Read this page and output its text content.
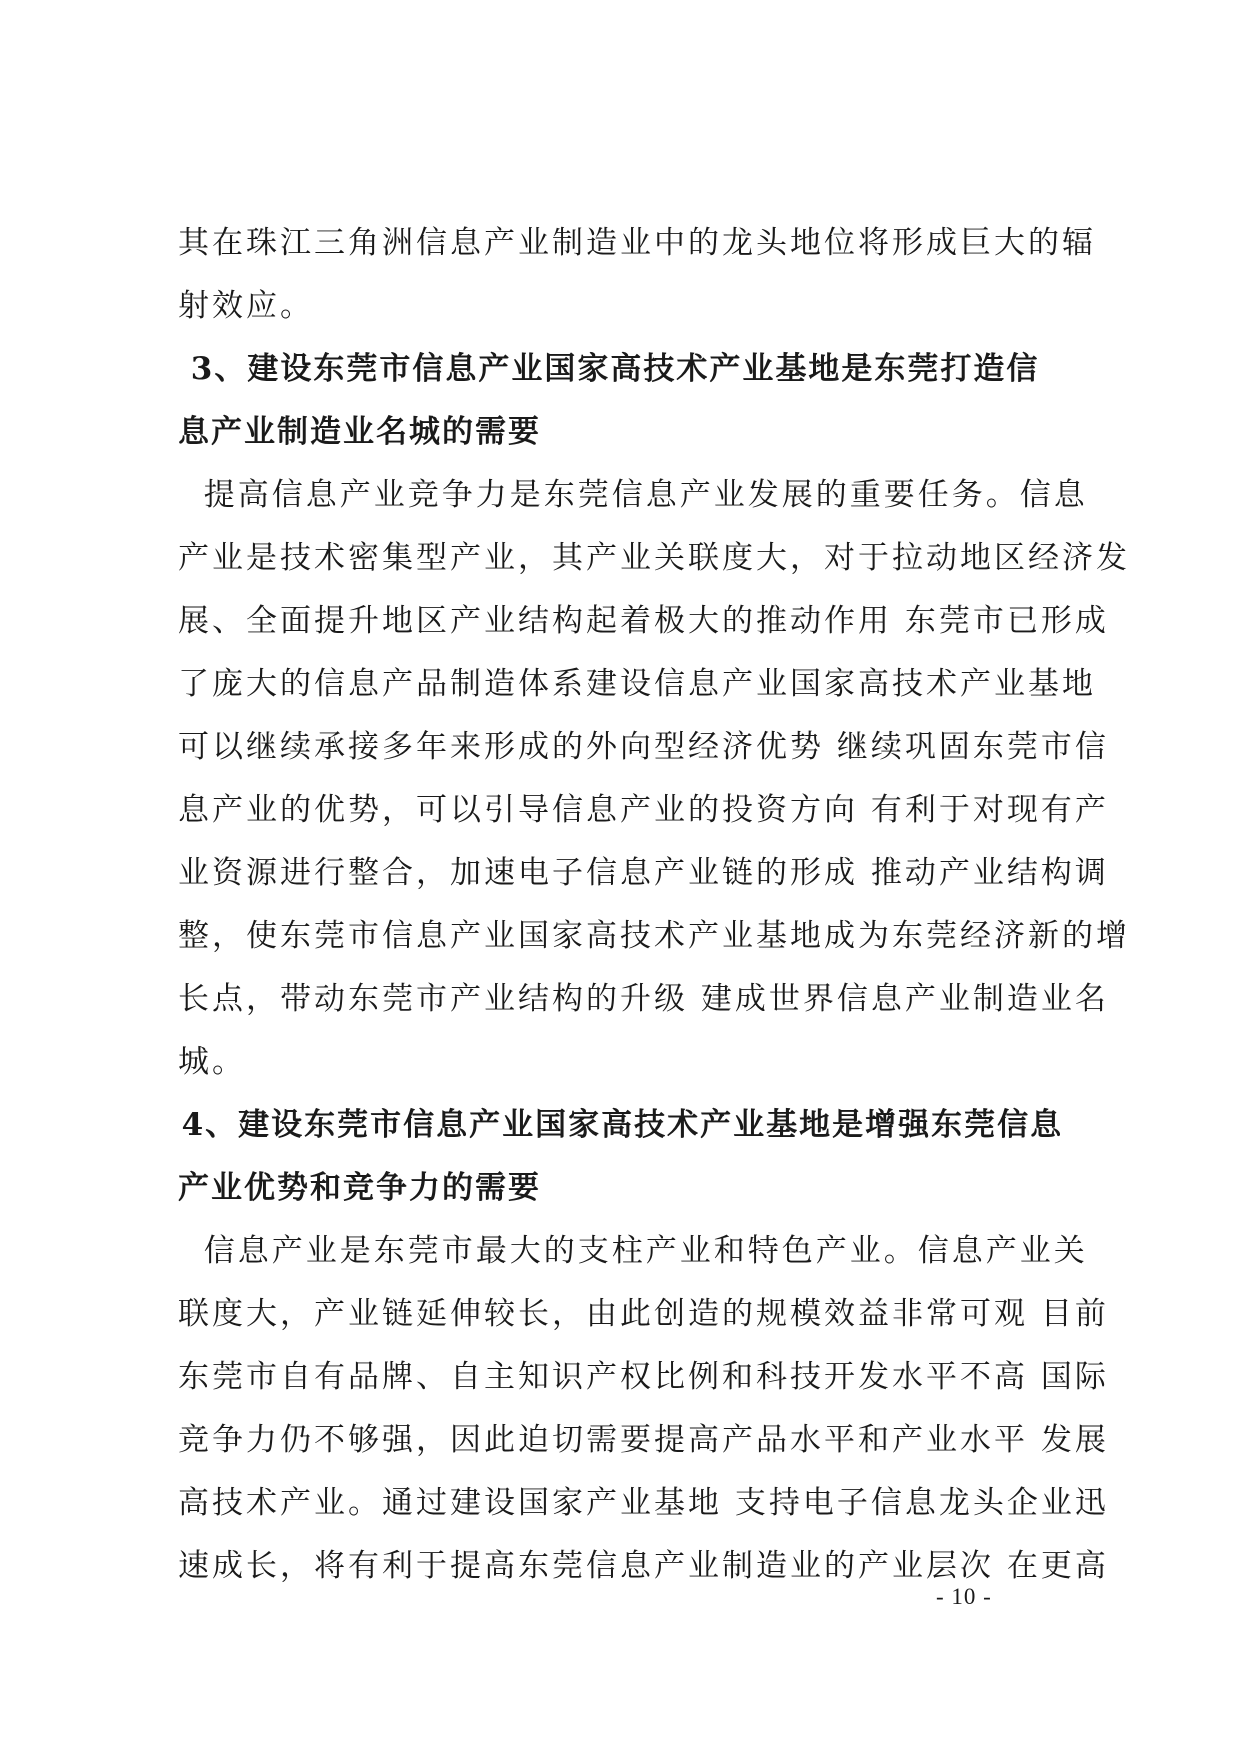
其在珠江三角洲信息产业制造业中的龙头地位将形成巨大的辐
射效应。
3、建设东莞市信息产业国家高技术产业基地是东莞打造信
息产业制造业名城的需要
提高信息产业竞争力是东莞信息产业发展的重要任务。信息
产业是技术密集型产业，其产业关联度大，对于拉动地区经济发
展、全面提升地区产业结构起着极大的推动作用 东莞市已形成
了庞大的信息产品制造体系建设信息产业国家高技术产业基地
可以继续承接多年来形成的外向型经济优势 继续巩固东莞市信
息产业的优势，可以引导信息产业的投资方向 有利于对现有产
业资源进行整合，加速电子信息产业链的形成 推动产业结构调
整，使东莞市信息产业国家高技术产业基地成为东莞经济新的增
长点，带动东莞市产业结构的升级 建成世界信息产业制造业名
城。
4、建设东莞市信息产业国家高技术产业基地是增强东莞信息
产业优势和竞争力的需要
信息产业是东莞市最大的支柱产业和特色产业。信息产业关
联度大，产业链延伸较长，由此创造的规模效益非常可观 目前
东莞市自有品牌、自主知识产权比例和科技开发水平不高 国际
竞争力仍不够强，因此迫切需要提高产品水平和产业水平 发展
高技术产业。通过建设国家产业基地 支持电子信息龙头企业迅
速成长，将有利于提高东莞信息产业制造业的产业层次 在更高
- 10 -
